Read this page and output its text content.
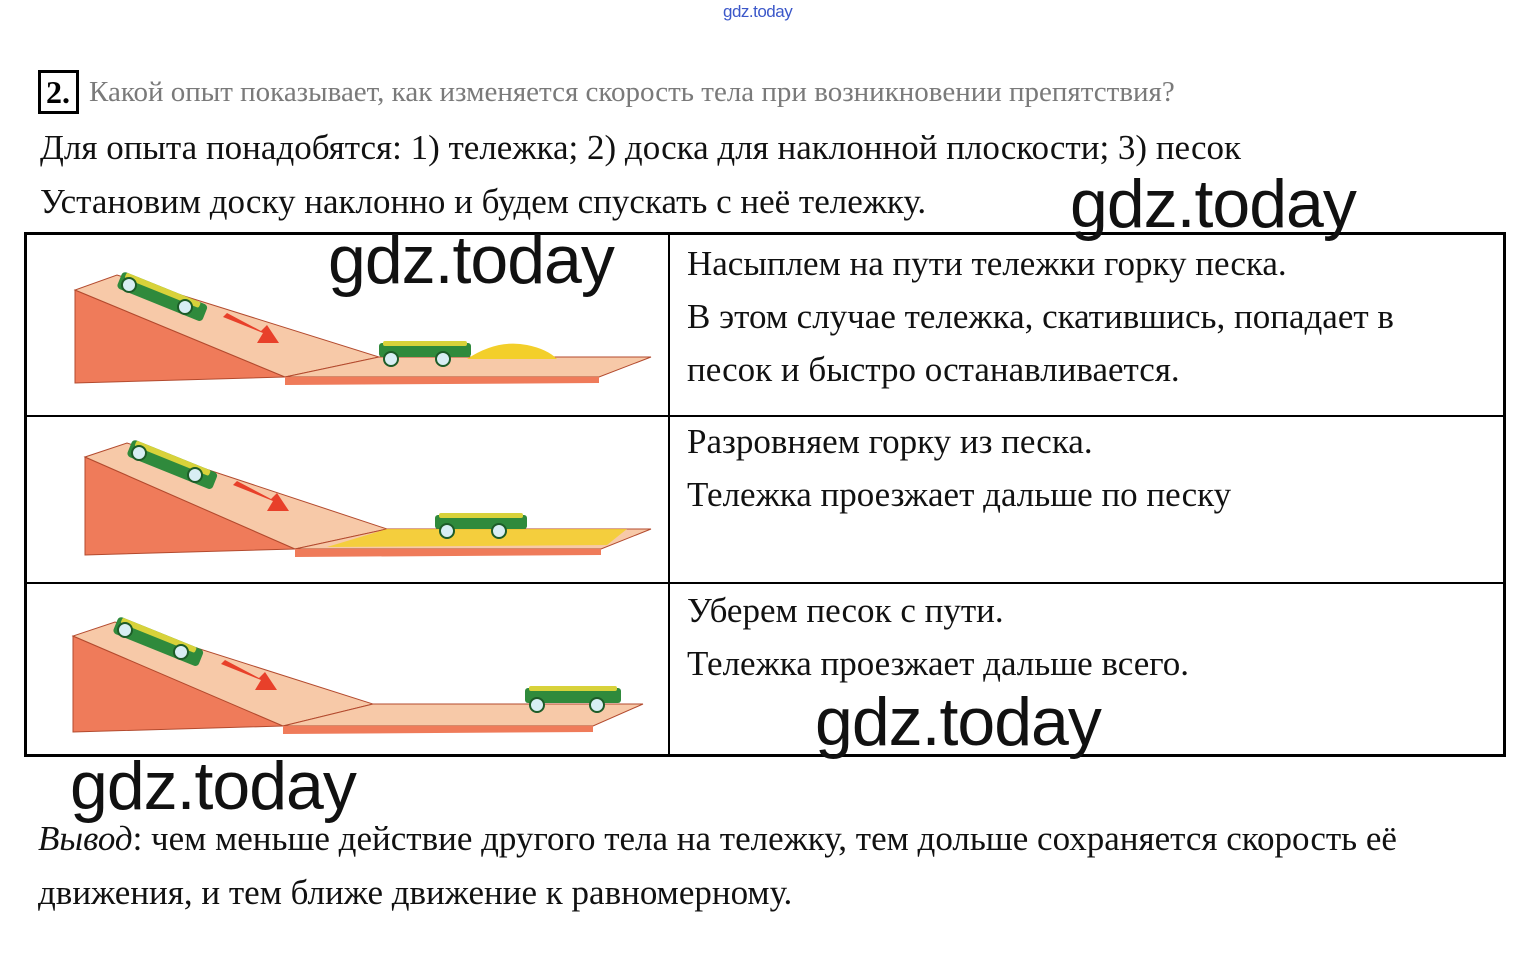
gdz.today
2. Какой опыт показывает, как изменяется скорость тела при возникновении препятствия?
Для опыта понадобятся: 1) тележка; 2) доска для наклонной плоскости; 3) песок
Установим доску наклонно и будем спускать с неё тележку.

Насыплем на пути тележки горку песка.

В этом случае тележка, скатившись, попадает в

песок и быстро останавливается.

Разровняем горку из песка.

Тележка проезжает дальше по песку

Уберем песок с пути.

Тележка проезжает дальше всего.

gdz.today
gdz.today
gdz.today
gdz.today
Вывод: чем меньше действие другого тела на тележку, тем дольше сохраняется скорость её движения, и тем ближе движение к равномерному.
